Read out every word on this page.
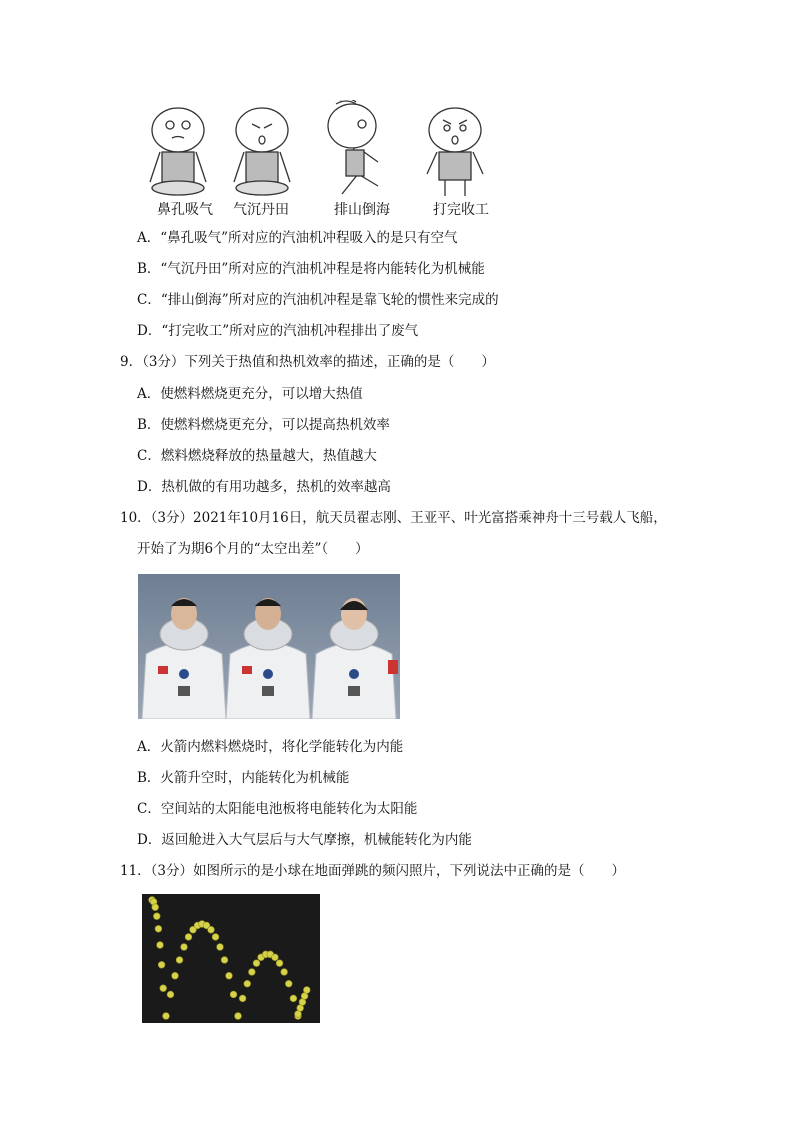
鼻孔吸气 气沉丹田	排山倒海	打完收工
A．“鼻孔吸气”所对应的汽油机冲程吸入的是只有空气
B．“气沉丹田”所对应的汽油机冲程是将内能转化为机械能
C．“排山倒海”所对应的汽油机冲程是靠飞轮的惯性来完成的
D．“打完收工”所对应的汽油机冲程排出了废气
9．（3分）下列关于热值和热机效率的描述，正确的是（　　）
A．使燃料燃烧更充分，可以增大热值
B．使燃料燃烧更充分，可以提高热机效率
C．燃料燃烧释放的热量越大，热值越大
D．热机做的有用功越多，热机的效率越高
10．（3分）2021年10月16日，航天员翟志刚、王亚平、叶光富搭乘神舟十三号载人飞船，
开始了为期6个月的“太空出差”（　　）
A．火箭内燃料燃烧时，将化学能转化为内能
B．火箭升空时，内能转化为机械能
C．空间站的太阳能电池板将电能转化为太阳能
D．返回舱进入大气层后与大气摩擦，机械能转化为内能
11．（3分）如图所示的是小球在地面弹跳的频闪照片，下列说法中正确的是（　　）
